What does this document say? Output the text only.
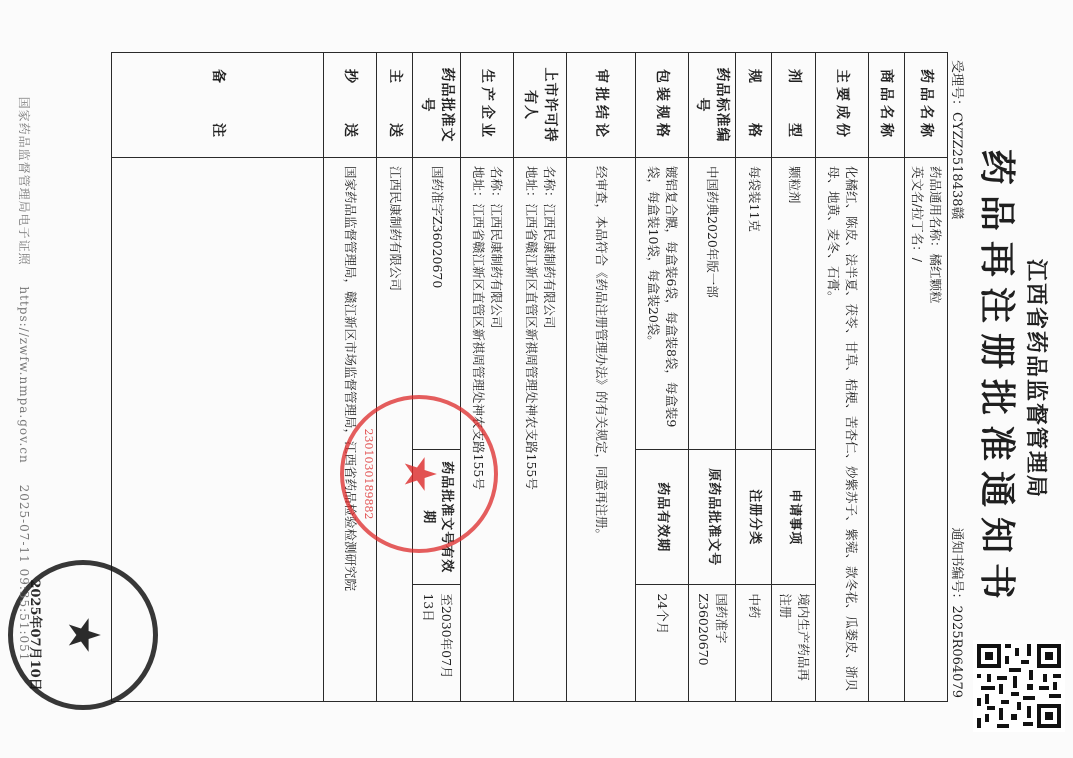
江西省药品监督管理局
药品再注册批准通知书
受理号：CYZZ2518438赣
通知书编号：2025R064079
药品名称	药品通用名称：橘红颗粒
英文名/拉丁名：/		

商品名称			
主要成份	化橘红、陈皮、法半夏、茯苓、甘草、桔梗、苦杏仁、炒紫苏子、紫菀、款冬花、瓜蒌皮、浙贝母、地黄、麦冬、石膏。		
剂　　型	颗粒剂	申请事项	境内生产药品再注册
规　　格	每袋装11克	注册分类	中药
药品标准编号	中国药典2020年版一部	原药品批准文号	国药准字Z36020670
包装规格	镀铝复合膜，每盒装6袋，每盒装8袋，每盒装9袋，每盒装10袋，每盒装20袋。	药品有效期	24个月
审批结论	经审查，本品符合《药品注册管理办法》的有关规定，同意再注册。		
上市许可持有人	名称：江西民康制药有限公司
地址：江西省赣江新区直管区新祺周管理处神农支路155号		

生产企业	名称：江西民康制药有限公司
地址：江西省赣江新区直管区新祺周管理处神农支路155号		

药品批准文号	国药准字Z36020670	药品批准文号有效期	至2030年07月13日
主　　送	江西民康制药有限公司		
抄　　送	国家药品监督管理局，赣江新区市场监督管理局，江西省药品检验检测研究院		
备　　注			
★
2301030189882
★
2025年07月10日
国家药品监督管理局电子证照 https://zwfw.nmpa.gov.cn 2025-07-11 09:35:51:051
